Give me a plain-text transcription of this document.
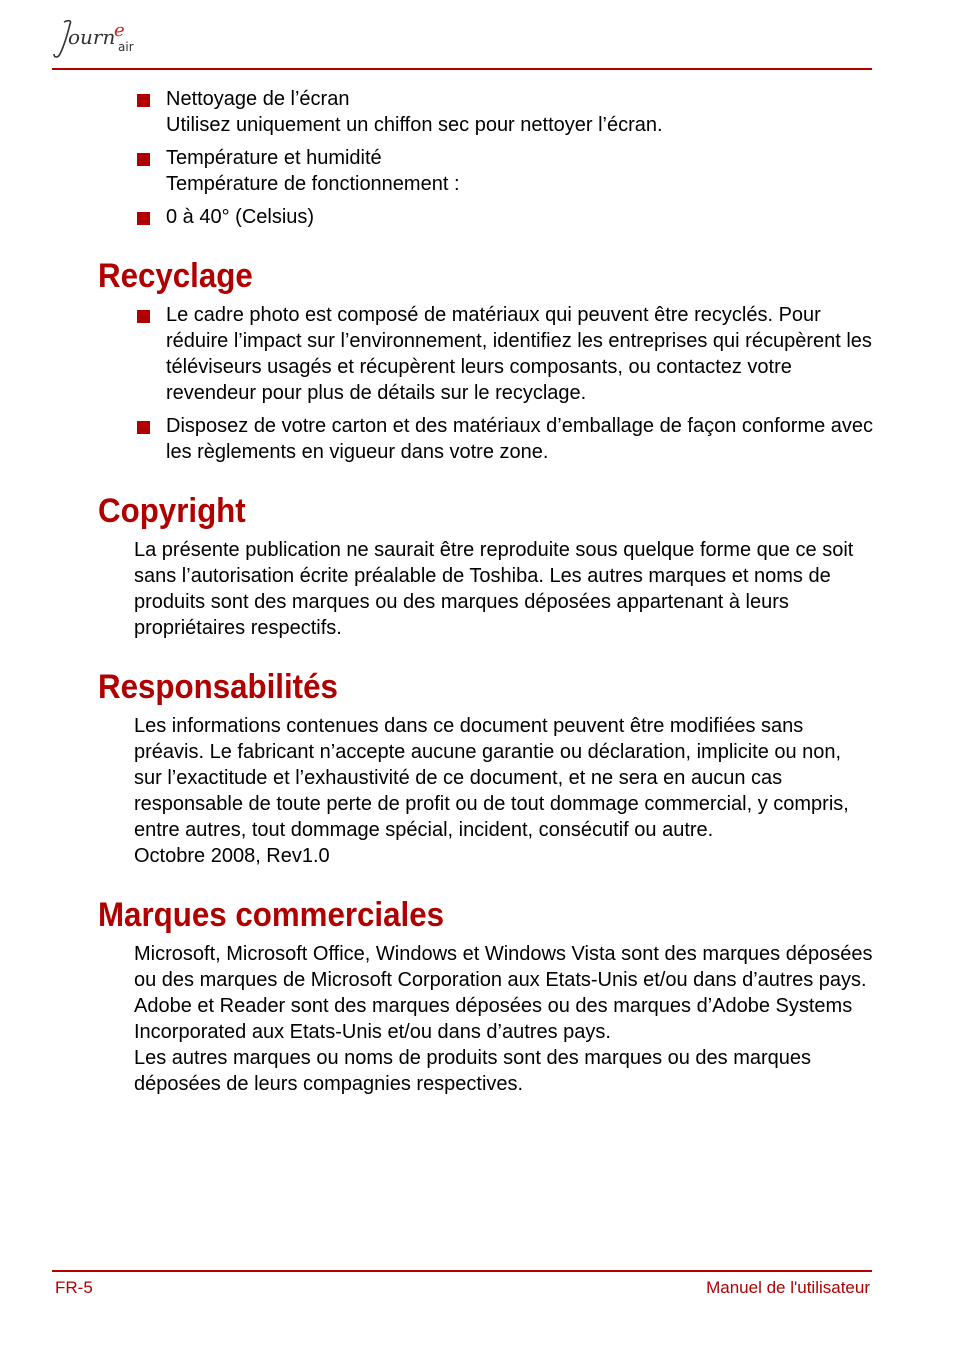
ourn
e
air

Nettoyage de l’écran

Utilisez uniquement un chiffon sec pour nettoyer l’écran.

Température et humidité

Température de fonctionnement :

0 à 40° (Celsius)

Recyclage

Le cadre photo est composé de matériaux qui peuvent être recyclés. Pour réduire l’impact sur l’environnement, identifiez les entreprises qui récupèrent les téléviseurs usagés et récupèrent leurs composants, ou contactez votre revendeur pour plus de détails sur le recyclage.

Disposez de votre carton et des matériaux d’emballage de façon conforme avec les règlements en vigueur dans votre zone.

Copyright

La présente publication ne saurait être reproduite sous quelque forme que ce soit sans l’autorisation écrite préalable de Toshiba. Les autres marques et noms de produits sont des marques ou des marques déposées appartenant à leurs propriétaires respectifs.

Responsabilités

Les informations contenues dans ce document peuvent être modifiées sans préavis. Le fabricant n’accepte aucune garantie ou déclaration, implicite ou non, sur l’exactitude et l’exhaustivité de ce document, et ne sera en aucun cas responsable de toute perte de profit ou de tout dommage commercial, y compris, entre autres, tout dommage spécial, incident, consécutif ou autre.

Octobre 2008, Rev1.0

Marques commerciales

Microsoft, Microsoft Office, Windows et Windows Vista sont des marques déposées ou des marques de Microsoft Corporation aux Etats-Unis et/ou dans d’autres pays.

Adobe et Reader sont des marques déposées ou des marques d’Adobe Systems Incorporated aux Etats-Unis et/ou dans d’autres pays.

Les autres marques ou noms de produits sont des marques ou des marques déposées de leurs compagnies respectives.

FR-5	Manuel de l'utilisateur
